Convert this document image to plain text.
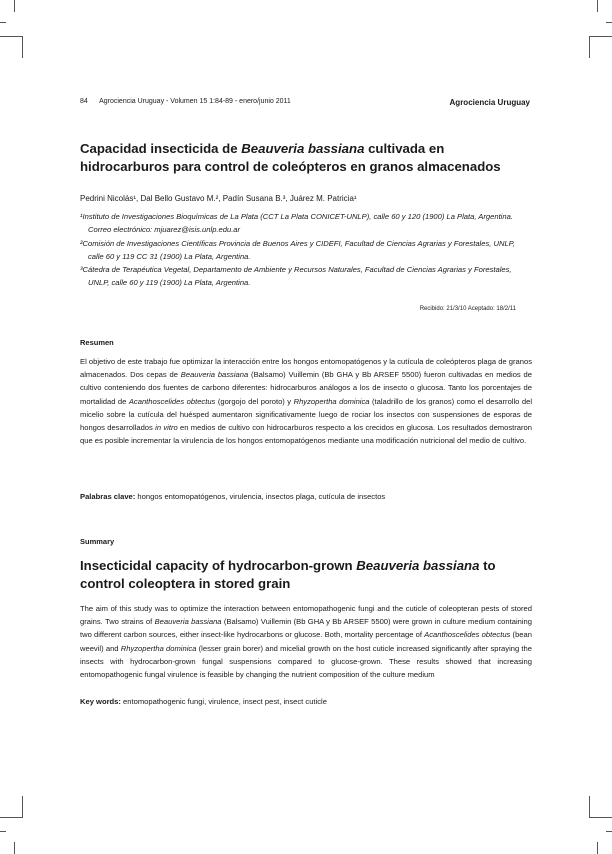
84 Agrociencia Uruguay - Volumen 15 1:84-89 - enero/junio 2011	Agrociencia Uruguay
Capacidad insecticida de Beauveria bassiana cultivada en hidrocarburos para control de coleópteros en granos almacenados
Pedrini Nicolás¹, Dal Bello Gustavo M.², Padín Susana B.³, Juárez M. Patricia¹

¹Instituto de Investigaciones Bioquímicas de La Plata (CCT La Plata CONICET-UNLP), calle 60 y 120 (1900) La Plata, Argentina. Correo electrónico: mjuarez@isis.unlp.edu.ar

²Comisión de Investigaciones Científicas Provincia de Buenos Aires y CIDEFI, Facultad de Ciencias Agrarias y Forestales, UNLP, calle 60 y 119 CC 31 (1900) La Plata, Argentina.

³Cátedra de Terapéutica Vegetal, Departamento de Ambiente y Recursos Naturales, Facultad de Ciencias Agrarias y Forestales, UNLP, calle 60 y 119 (1900) La Plata, Argentina.

Recibido: 21/3/10 Aceptado: 18/2/11
Resumen

El objetivo de este trabajo fue optimizar la interacción entre los hongos entomopatógenos y la cutícula de coleópteros plaga de granos almacenados. Dos cepas de Beauveria bassiana (Balsamo) Vuillemin (Bb GHA y Bb ARSEF 5500) fueron cultivadas en medios de cultivo conteniendo dos fuentes de carbono diferentes: hidrocarburos análogos a los de insecto o glucosa. Tanto los porcentajes de mortalidad de Acanthoscelides obtectus (gorgojo del poroto) y Rhyzopertha dominica (taladrillo de los granos) como el desarrollo del micelio sobre la cutícula del huésped aumentaron significativamente luego de rociar los insectos con suspensiones de esporas de hongos desarrollados in vitro en medios de cultivo con hidrocarburos respecto a los crecidos en glucosa. Los resultados demostraron que es posible incrementar la virulencia de los hongos entomopatógenos mediante una modificación nutricional del medio de cultivo.

Palabras clave: hongos entomopatógenos, virulencia, insectos plaga, cutícula de insectos
Summary
Insecticidal capacity of hydrocarbon-grown Beauveria bassiana to control coleoptera in stored grain

The aim of this study was to optimize the interaction between entomopathogenic fungi and the cuticle of coleopteran pests of stored grains. Two strains of Beauveria bassiana (Balsamo) Vuillemin (Bb GHA y Bb ARSEF 5500) were grown in culture medium containing two different carbon sources, either insect-like hydrocarbons or glucose. Both, mortality percentage of Acanthoscelides obtectus (bean weevil) and Rhyzopertha dominica (lesser grain borer) and micelial growth on the host cuticle increased significantly after spraying the insects with hydrocarbon-grown fungal suspensions compared to glucose-grown. These results showed that increasing entomopathogenic fungal virulence is feasible by changing the nutrient composition of the culture medium

Key words: entomopathogenic fungi, virulence, insect pest, insect cuticle
